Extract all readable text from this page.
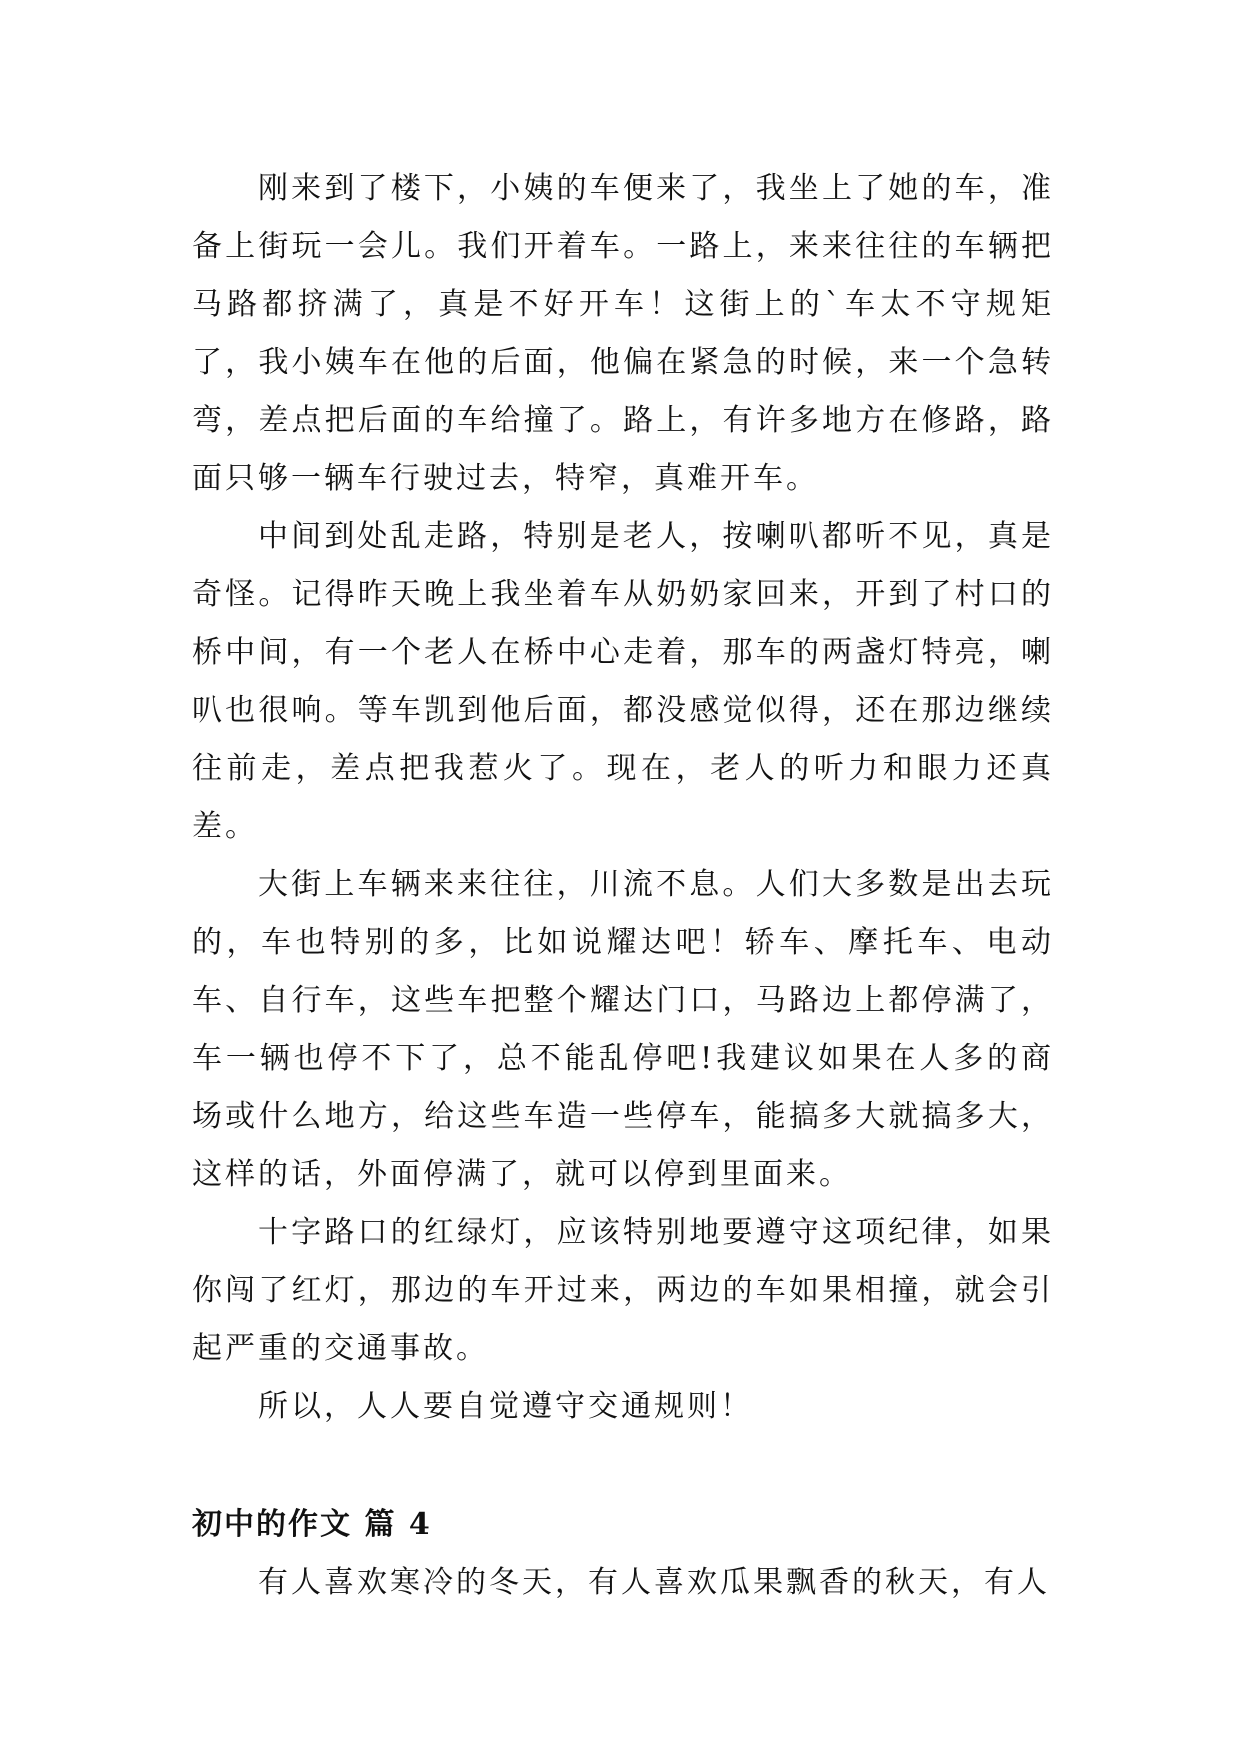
刚来到了楼下，小姨的车便来了，我坐上了她的车，准备上街玩一会儿。我们开着车。一路上，来来往往的车辆把马路都挤满了，真是不好开车！这街上的`车太不守规矩了，我小姨车在他的后面，他偏在紧急的时候，来一个急转弯，差点把后面的车给撞了。路上，有许多地方在修路，路面只够一辆车行驶过去，特窄，真难开车。

中间到处乱走路，特别是老人，按喇叭都听不见，真是奇怪。记得昨天晚上我坐着车从奶奶家回来，开到了村口的桥中间，有一个老人在桥中心走着，那车的两盏灯特亮，喇叭也很响。等车凯到他后面，都没感觉似得，还在那边继续往前走，差点把我惹火了。现在，老人的听力和眼力还真差。

大街上车辆来来往往，川流不息。人们大多数是出去玩的，车也特别的多，比如说耀达吧！轿车、摩托车、电动车、自行车，这些车把整个耀达门口，马路边上都停满了，车一辆也停不下了，总不能乱停吧!我建议如果在人多的商场或什么地方，给这些车造一些停车，能搞多大就搞多大，这样的话，外面停满了，就可以停到里面来。

十字路口的红绿灯，应该特别地要遵守这项纪律，如果你闯了红灯，那边的车开过来，两边的车如果相撞，就会引起严重的交通事故。

所以，人人要自觉遵守交通规则！

初中的作文 篇 4

有人喜欢寒冷的冬天，有人喜欢瓜果飘香的秋天，有人
